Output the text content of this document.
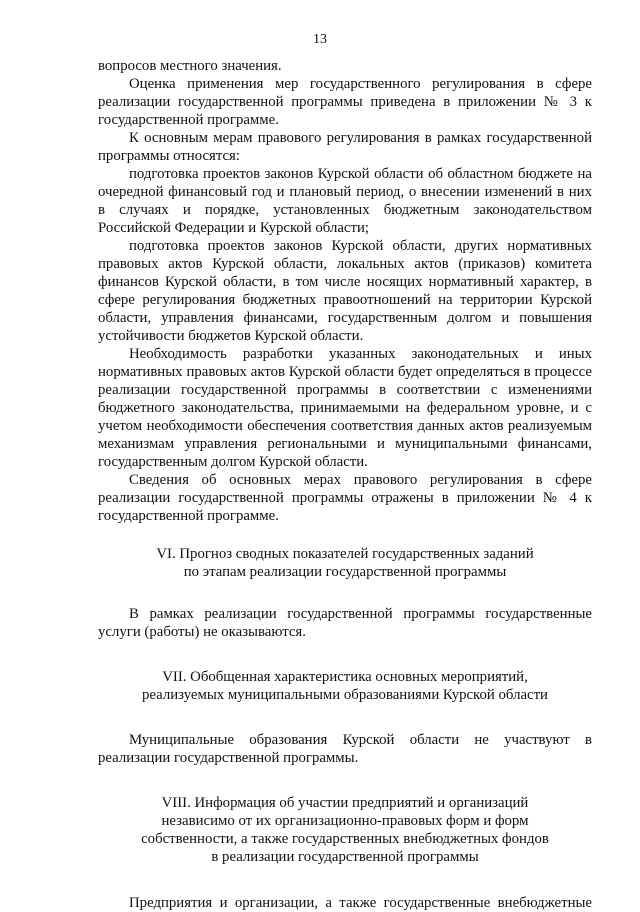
13

вопросов местного значения.

Оценка применения мер государственного регулирования в сфере реализации государственной программы приведена в приложении № 3 к государственной программе.

К основным мерам правового регулирования в рамках государственной программы относятся:

подготовка проектов законов Курской области об областном бюджете на очередной финансовый год и плановый период, о внесении изменений в них в случаях и порядке, установленных бюджетным законодательством Российской Федерации и Курской области;

подготовка проектов законов Курской области, других нормативных правовых актов Курской области, локальных актов (приказов) комитета финансов Курской области, в том числе носящих нормативный характер, в сфере регулирования бюджетных правоотношений на территории Курской области, управления финансами, государственным долгом и повышения устойчивости бюджетов Курской области.

Необходимость разработки указанных законодательных и иных нормативных правовых актов Курской области будет определяться в процессе реализации государственной программы в соответствии с изменениями бюджетного законодательства, принимаемыми на федеральном уровне, и с учетом необходимости обеспечения соответствия данных актов реализуемым механизмам управления региональными и муниципальными финансами, государственным долгом Курской области.

Сведения об основных мерах правового регулирования в сфере реализации государственной программы отражены в приложении № 4 к государственной программе.

VI. Прогноз сводных показателей государственных заданий
по этапам реализации государственной программы

В рамках реализации государственной программы государственные услуги (работы) не оказываются.

VII. Обобщенная характеристика основных мероприятий,
реализуемых муниципальными образованиями Курской области

Муниципальные образования Курской области не участвуют в реализации государственной программы.

VIII. Информация об участии предприятий и организаций
независимо от их организационно-правовых форм и форм
собственности, а также государственных внебюджетных фондов
в реализации государственной программы

Предприятия и организации, а также государственные внебюджетные
